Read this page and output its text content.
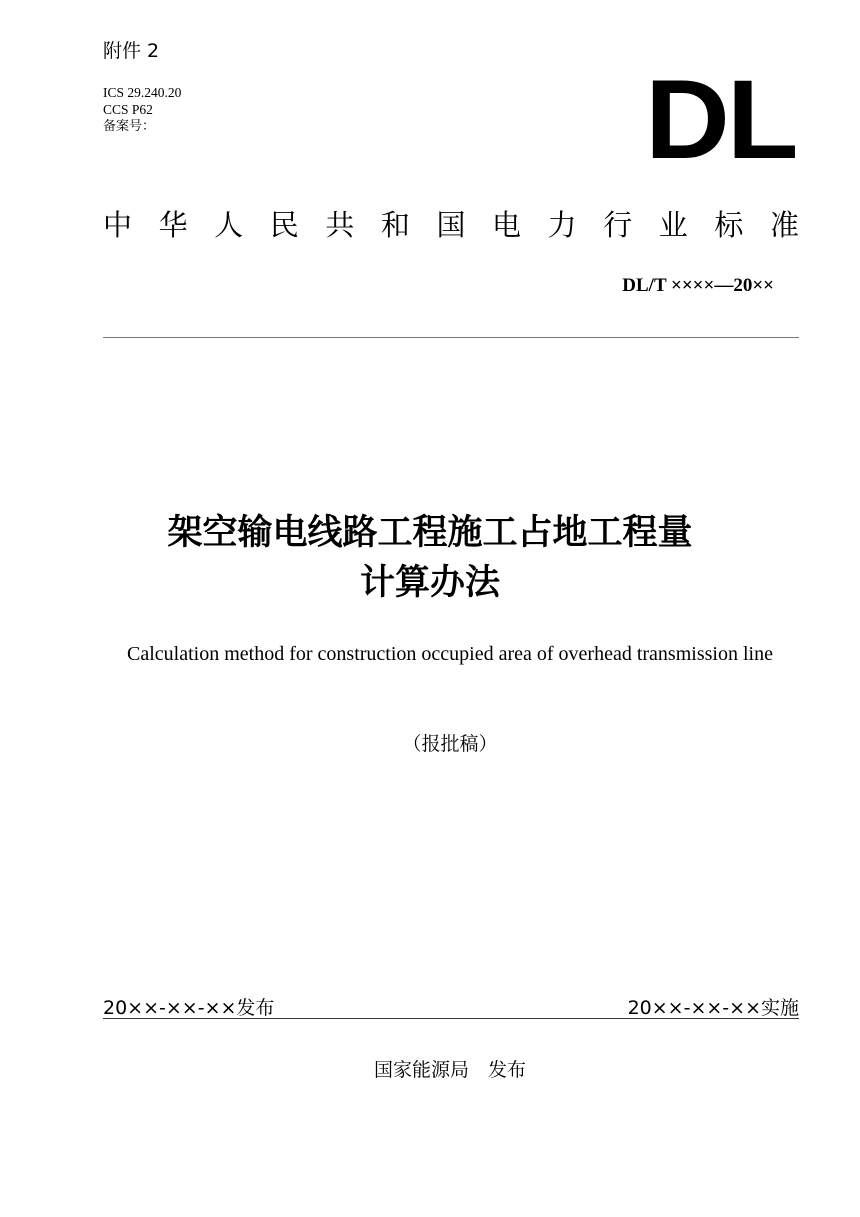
附件 2
ICS 29.240.20
CCS P62
备案号：	DL
中 华 人 民 共 和 国 电 力 行 业 标 准
DL/T ××××—20××
架空输电线路工程施工占地工程量
计算办法
Calculation method for construction occupied area of overhead transmission line
（报批稿）
20××-××-××发布	20××-××-××实施
国家能源局　发布
